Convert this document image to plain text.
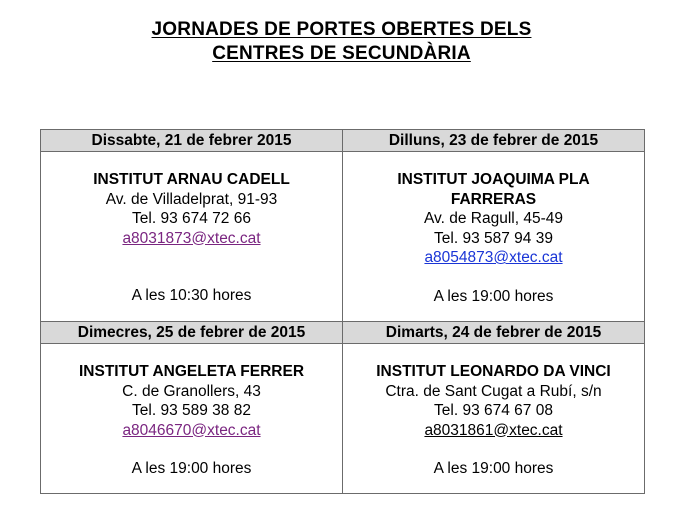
JORNADES DE PORTES OBERTES DELS
CENTRES DE SECUNDÀRIA
Dissabte, 21 de febrer 2015	Dilluns, 23 de febrer de 2015
INSTITUT ARNAU CADELL
Av. de Villadelprat, 91-93
Tel. 93 674 72 66
a8031873@xtec.cat
A les 10:30 hores
INSTITUT JOAQUIMA PLA
FARRERAS
Av. de Ragull, 45-49
Tel. 93 587 94 39
a8054873@xtec.cat
A les 19:00 hores
Dimecres, 25 de febrer de 2015	Dimarts, 24 de febrer de 2015
INSTITUT ANGELETA FERRER
C. de Granollers, 43
Tel. 93 589 38 82
a8046670@xtec.cat
A les 19:00 hores
INSTITUT LEONARDO DA VINCI
Ctra. de Sant Cugat a Rubí, s/n
Tel. 93 674 67 08
a8031861@xtec.cat
A les 19:00 hores
